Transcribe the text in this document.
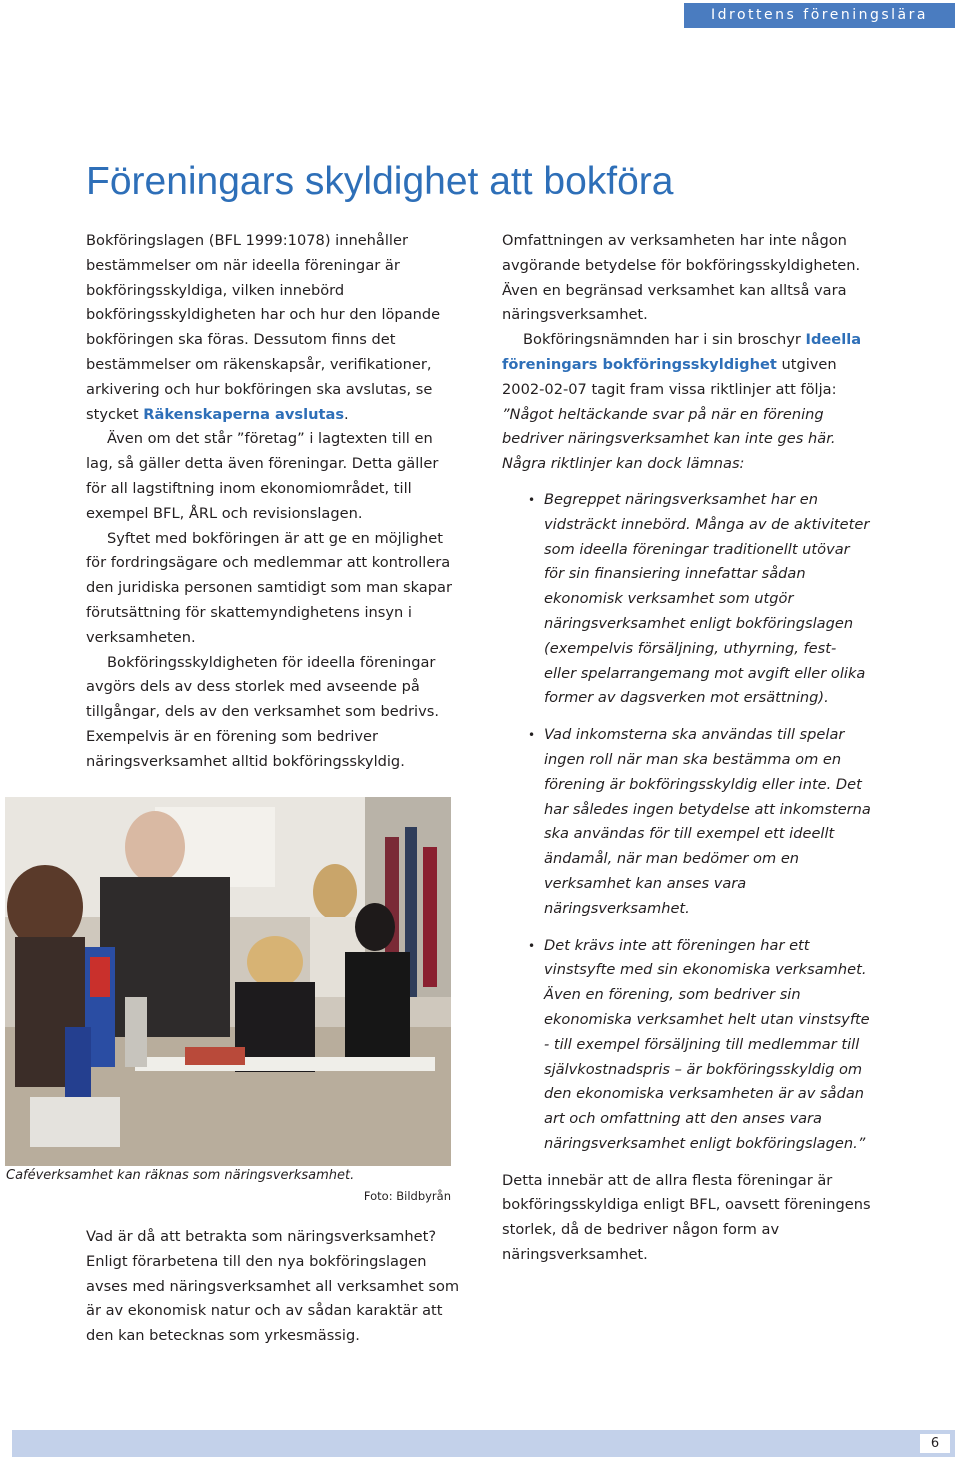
Idrottens föreningslära
Föreningars skyldighet att bokföra

Bokföringslagen (BFL 1999:1078) innehåller bestämmelser om när ideella föreningar är bokföringsskyldiga, vilken innebörd bokföringsskyldigheten har och hur den löpande bokföringen ska föras. Dessutom finns det bestämmelser om räkenskapsår, verifikationer, arkivering och hur bokföringen ska avslutas, se stycket Räkenskaperna avslutas.

Även om det står ”företag” i lagtexten till en lag, så gäller detta även föreningar. Detta gäller för all lagstiftning inom ekonomiområdet, till exempel BFL, ÅRL och revisionslagen.

Syftet med bokföringen är att ge en möjlighet för fordringsägare och medlemmar att kontrollera den juridiska personen samtidigt som man skapar förutsättning för skattemyndighetens insyn i verksamheten.

Bokföringsskyldigheten för ideella föreningar avgörs dels av dess storlek med avseende på tillgångar, dels av den verksamhet som bedrivs. Exempelvis är en förening som bedriver näringsverksamhet alltid bokföringsskyldig.

Caféverksamhet kan räknas som näringsverksamhet.
Foto: Bildbyrån

Vad är då att betrakta som näringsverksamhet? Enligt förarbetena till den nya bokföringslagen avses med näringsverksamhet all verksamhet som är av ekonomisk natur och av sådan karaktär att den kan betecknas som yrkesmässig.

Omfattningen av verksamheten har inte någon avgörande betydelse för bokföringsskyldigheten. Även en begränsad verksamhet kan alltså vara näringsverksamhet.

Bokföringsnämnden har i sin broschyr Ideella föreningars bokföringsskyldighet utgiven 2002-02-07 tagit fram vissa riktlinjer att följa:

”Något heltäckande svar på när en förening bedriver näringsverksamhet kan inte ges här. Några riktlinjer kan dock lämnas:

• Begreppet näringsverksamhet har en vidsträckt innebörd. Många av de aktiviteter som ideella föreningar traditionellt utövar för sin finansiering innefattar sådan ekonomisk verksamhet som utgör näringsverksamhet enligt bokföringslagen (exempelvis försäljning, uthyrning, fest- eller spelarrangemang mot avgift eller olika former av dagsverken mot ersättning).
• Vad inkomsterna ska användas till spelar ingen roll när man ska bestämma om en förening är bokföringsskyldig eller inte. Det har således ingen betydelse att inkomsterna ska användas för till exempel ett ideellt ändamål, när man bedömer om en verksamhet kan anses vara näringsverksamhet.
• Det krävs inte att föreningen har ett vinstsyfte med sin ekonomiska verksamhet. Även en förening, som bedriver sin ekonomiska verksamhet helt utan vinstsyfte - till exempel försäljning till medlemmar till självkostnadspris – är bokföringsskyldig om den ekonomiska verksamheten är av sådan art och omfattning att den anses vara näringsverksamhet enligt bokföringslagen.”

Detta innebär att de allra flesta föreningar är bokföringsskyldiga enligt BFL, oavsett föreningens storlek, då de bedriver någon form av näringsverksamhet.

6
